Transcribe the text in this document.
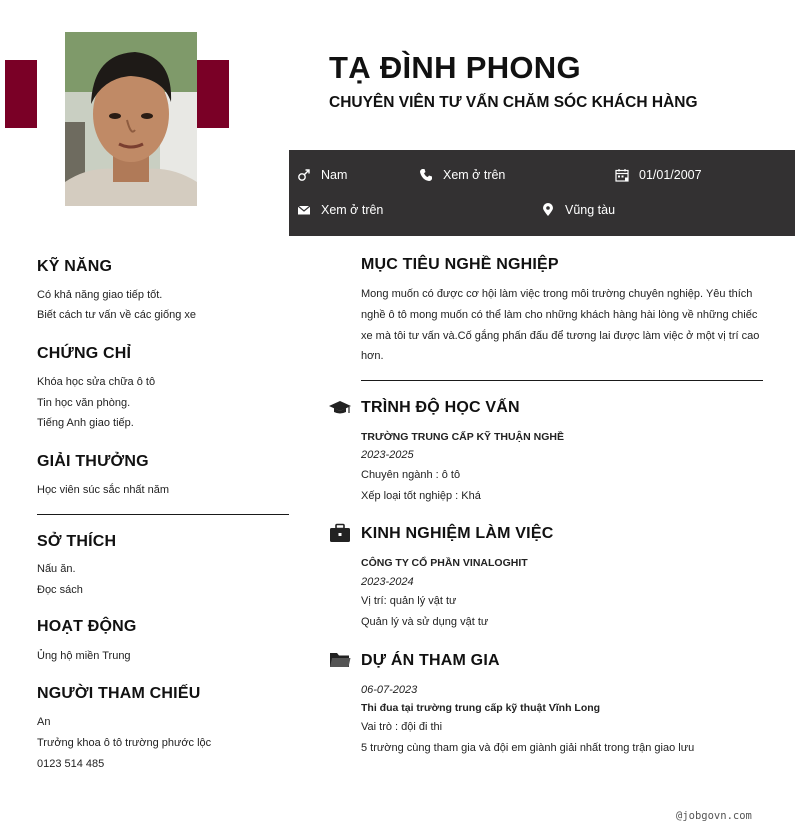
TẠ ĐÌNH PHONG
CHUYÊN VIÊN TƯ VẤN CHĂM SÓC KHÁCH HÀNG
Nam	Xem ở trên	01/01/2007
Xem ở trên	Vũng tàu
KỸ NĂNG
Có khả năng giao tiếp tốt.
Biết cách tư vấn về các giống xe
CHỨNG CHỈ
Khóa học sửa chữa ô tô
Tin học văn phòng.
Tiếng Anh giao tiếp.
GIẢI THƯỞNG
Học viên súc sắc nhất năm
SỞ THÍCH
Nấu ăn.
Đọc sách
HOẠT ĐỘNG
Ủng hộ miền Trung
NGƯỜI THAM CHIẾU
An
Trưởng khoa ô tô trường phước lộc
0123 514 485
MỤC TIÊU NGHỀ NGHIỆP
Mong muốn có được cơ hội làm việc trong môi trường chuyên nghiệp. Yêu thích
nghề ô tô mong muốn có thể làm cho những khách hàng hài lòng về những chiếc
xe mà tôi tư vấn và.Cố gắng phấn đấu để tương lai được làm việc ở một vị trí cao
hơn.
TRÌNH ĐỘ HỌC VẤN
TRƯỜNG TRUNG CẤP KỸ THUẬN NGHỀ
2023-2025
Chuyên ngành : ô tô
Xếp loại tốt nghiệp : Khá
KINH NGHIỆM LÀM VIỆC
CÔNG TY CỔ PHẦN VINALOGHIT
2023-2024
Vị trí: quản lý vật tư
Quản lý và sử dụng vật tư
DỰ ÁN THAM GIA
06-07-2023
Thi đua tại trường trung cấp kỹ thuật Vĩnh Long
Vai trò : đội đi thi
5 trường cùng tham gia và đội em giành giải nhất trong trận giao lưu
@jobgovn.com
